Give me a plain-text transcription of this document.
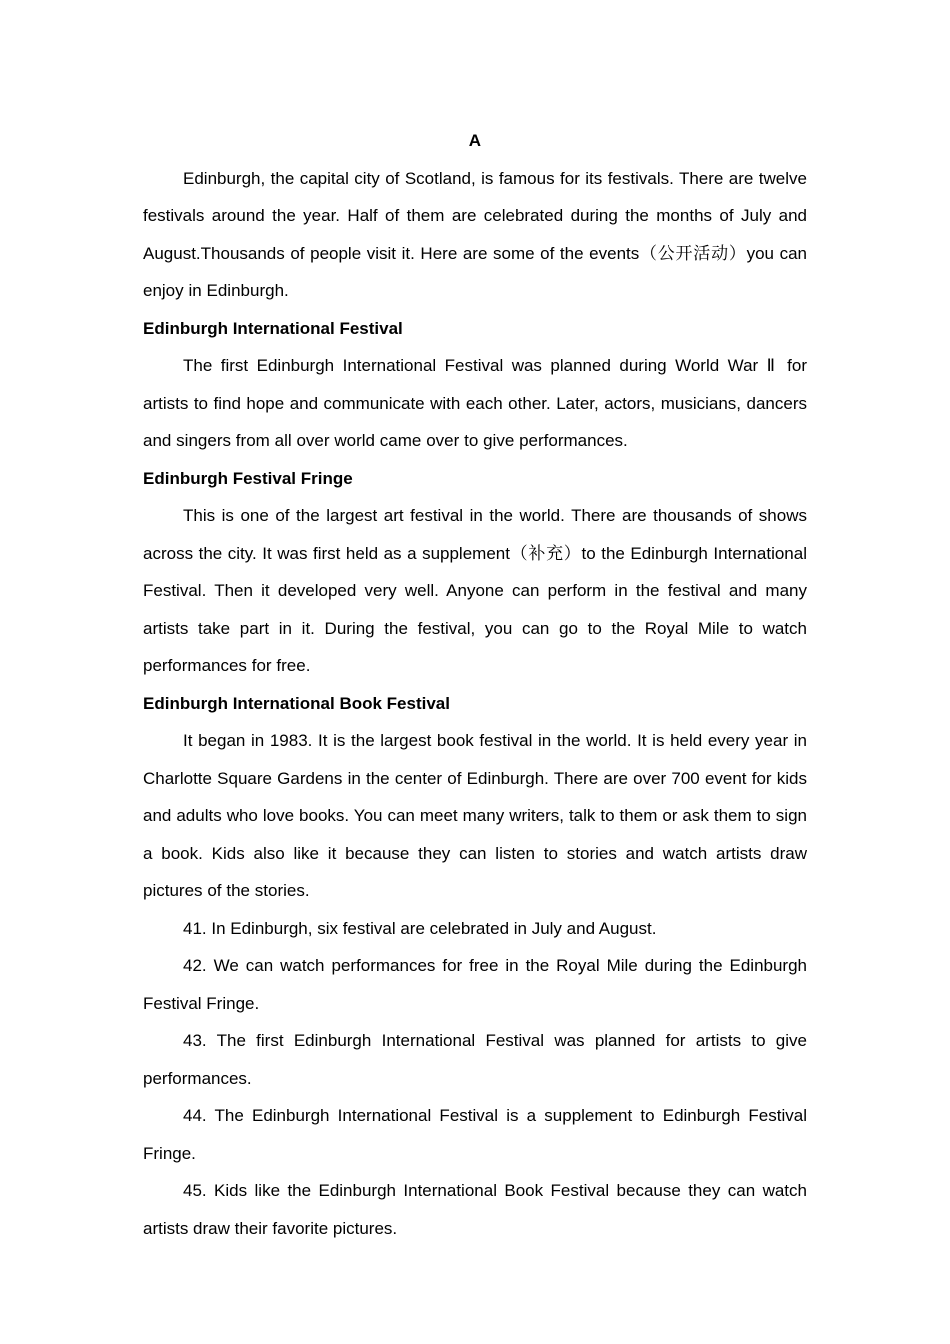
A

Edinburgh, the capital city of Scotland, is famous for its festivals. There are twelve festivals around the year. Half of them are celebrated during the months of July and August.Thousands of people visit it. Here are some of the events（公开活动）you can enjoy in Edinburgh.

Edinburgh International Festival

The first Edinburgh International Festival was planned during World War Ⅱ for artists to find hope and communicate with each other. Later, actors, musicians, dancers and singers from all over world came over to give performances.

Edinburgh Festival Fringe

This is one of the largest art festival in the world. There are thousands of shows across the city. It was first held as a supplement（补充）to the Edinburgh International Festival. Then it developed very well. Anyone can perform in the festival and many artists take part in it. During the festival, you can go to the Royal Mile to watch performances for free.

Edinburgh International Book Festival

It began in 1983. It is the largest book festival in the world. It is held every year in Charlotte Square Gardens in the center of Edinburgh. There are over 700 event for kids and adults who love books. You can meet many writers, talk to them or ask them to sign a book. Kids also like it because they can listen to stories and watch artists draw pictures of the stories.

41. In Edinburgh, six festival are celebrated in July and August.

42. We can watch performances for free in the Royal Mile during the Edinburgh Festival Fringe.

43. The first Edinburgh International Festival was planned for artists to give performances.

44. The Edinburgh International Festival is a supplement to Edinburgh Festival Fringe.

45. Kids like the Edinburgh International Book Festival because they can watch artists draw their favorite pictures.
